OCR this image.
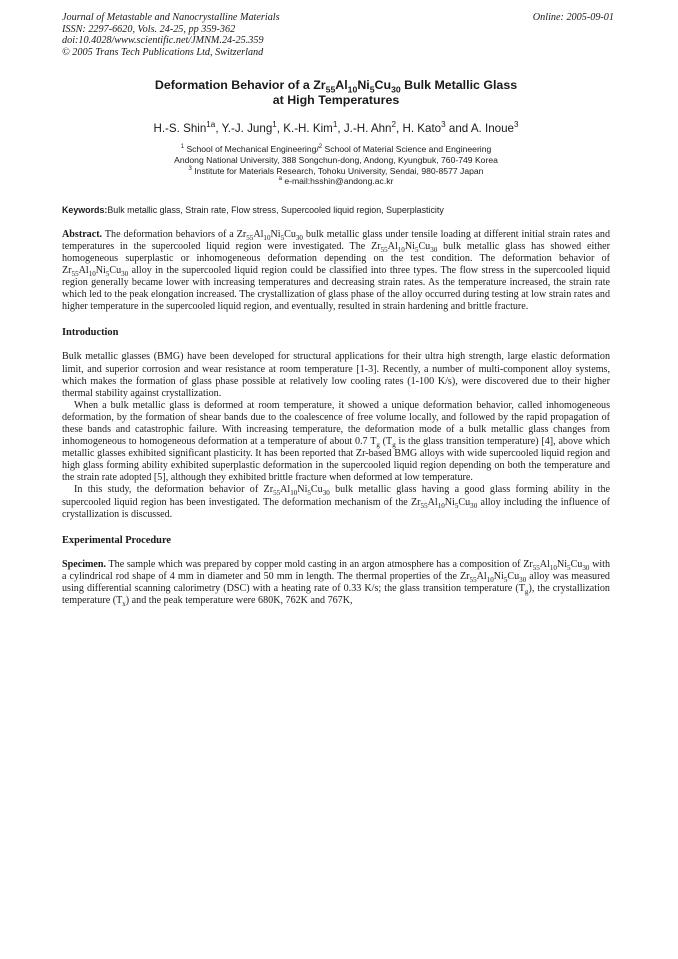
Journal of Metastable and Nanocrystalline Materials
ISSN: 2297-6620, Vols. 24-25, pp 359-362
doi:10.4028/www.scientific.net/JMNM.24-25.359
© 2005 Trans Tech Publications Ltd, Switzerland
Online: 2005-09-01
Deformation Behavior of a $Zr_{55}Al_{10}Ni_5Cu_{30}$ Bulk Metallic Glass
at High Temperatures
H.-S. Shin$^{1a}$, Y.-J. Jung$^1$, K.-H. Kim$^1$, J.-H. Ahn$^2$, H. Kato$^3$ and A. Inoue$^3$
$^1$ School of Mechanical Engineering/$^2$ School of Material Science and Engineering
Andong National University, 388 Songchun-dong, Andong, Kyungbuk, 760-749 Korea
$^3$ Institute for Materials Research, Tohoku University, Sendai, 980-8577 Japan
$^a$ e-mail:hsshin@andong.ac.kr
Keywords:Bulk metallic glass, Strain rate, Flow stress, Supercooled liquid region, Superplasticity

Abstract. The deformation behaviors of a $Zr_{55}Al_{10}Ni_5Cu_{30}$ bulk metallic glass under tensile loading at different initial strain rates and temperatures in the supercooled liquid region were investigated. The $Zr_{55}Al_{10}Ni_5Cu_{30}$ bulk metallic glass has showed either homogeneous superplastic or inhomogeneous deformation depending on the test condition. The deformation behavior of $Zr_{55}Al_{10}Ni_5Cu_{30}$ alloy in the supercooled liquid region could be classified into three types. The flow stress in the supercooled liquid region generally became lower with increasing temperatures and decreasing strain rates. As the temperature increased, the strain rate which led to the peak elongation increased. The crystallization of glass phase of the alloy occurred during testing at low strain rates and higher temperature in the supercooled liquid region, and eventually, resulted in strain hardening and brittle fracture.

Introduction

Bulk metallic glasses (BMG) have been developed for structural applications for their ultra high strength, large elastic deformation limit, and superior corrosion and wear resistance at room temperature [1-3]. Recently, a number of multi-component alloy systems, which makes the formation of glass phase possible at relatively low cooling rates (1-100 K/s), were discovered due to their higher thermal stability against crystallization.

When a bulk metallic glass is deformed at room temperature, it showed a unique deformation behavior, called inhomogeneous deformation, by the formation of shear bands due to the coalescence of free volume locally, and followed by the rapid propagation of these bands and catastrophic failure. With increasing temperature, the deformation mode of a bulk metallic glass changes from inhomogeneous to homogeneous deformation at a temperature of about 0.7 $T_g$ ($T_g$ is the glass transition temperature) [4], above which metallic glasses exhibited significant plasticity. It has been reported that Zr-based BMG alloys with wide supercooled liquid region and high glass forming ability exhibited superplastic deformation in the supercooled liquid region depending on both the temperature and the strain rate adopted [5], although they exhibited brittle fracture when deformed at low temperature.

In this study, the deformation behavior of $Zr_{55}Al_{10}Ni_5Cu_{30}$ bulk metallic glass having a good glass forming ability in the supercooled liquid region has been investigated. The deformation mechanism of the $Zr_{55}Al_{10}Ni_5Cu_{30}$ alloy including the influence of crystallization is discussed.

Experimental Procedure

Specimen. The sample which was prepared by copper mold casting in an argon atmosphere has a composition of $Zr_{55}Al_{10}Ni_5Cu_{30}$ with a cylindrical rod shape of 4 mm in diameter and 50 mm in length. The thermal properties of the $Zr_{55}Al_{10}Ni_5Cu_{30}$ alloy was measured using differential scanning calorimetry (DSC) with a heating rate of 0.33 K/s; the glass transition temperature $(T_g)$, the crystallization temperature $(T_x)$ and the peak temperature were 680K, 762K and 767K,
